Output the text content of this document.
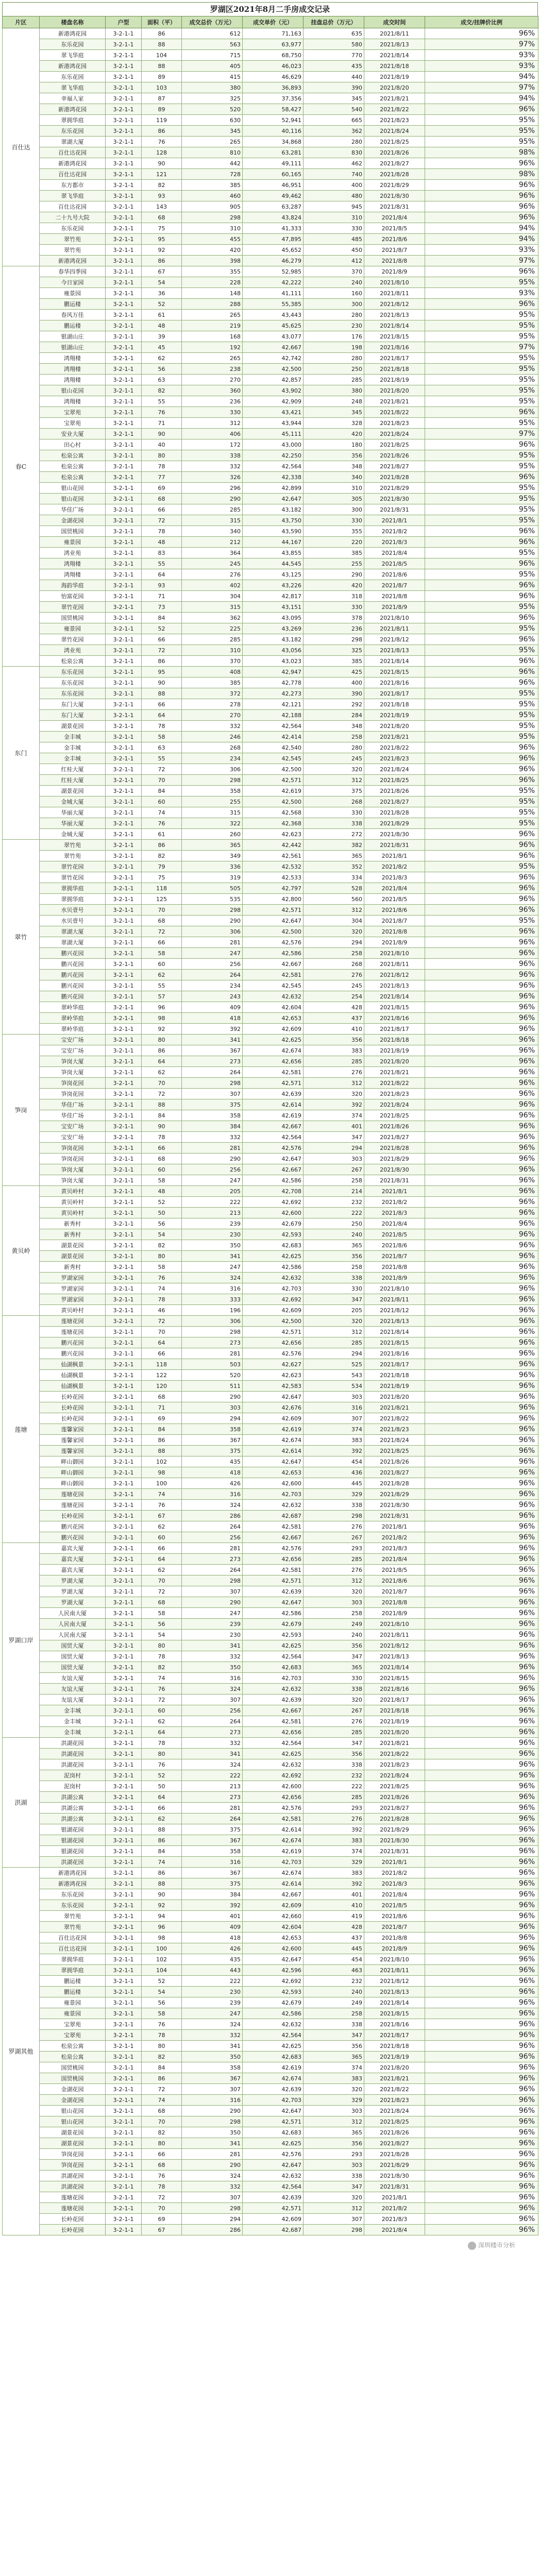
罗湖区2021年8月二手房成交记录
片区	楼盘名称	户型	面积（平）	成交总价（万元）	成交单价（元）	挂盘总价（万元）	成交时间	成交/挂牌价比例
百仕达	新港鸿花园	3-2-1-1	86	612	71,163	635	2021/8/11	96%
	东乐花园	3-2-1-1	88	563	63,977	580	2021/8/13	97%
	翠飞华庭	3-2-1-1	104	715	68,750	770	2021/8/14	93%
	新港鸿花园	3-2-1-1	88	405	46,023	435	2021/8/18	93%
	东乐花园	3-2-1-1	89	415	46,629	440	2021/8/19	94%
	翠飞华庭	3-2-1-1	103	380	36,893	390	2021/8/20	97%
	幸福人家	3-2-1-1	87	325	37,356	345	2021/8/21	94%
	新港鸿花园	3-2-1-1	89	520	58,427	540	2021/8/22	96%
	翠拥华庭	3-2-1-1	119	630	52,941	665	2021/8/23	95%
	东乐花园	3-2-1-1	86	345	40,116	362	2021/8/24	95%
	翠湖大厦	3-2-1-1	76	265	34,868	280	2021/8/25	95%
	百仕达花园	3-2-1-1	128	810	63,281	830	2021/8/26	98%
	新港鸿花园	3-2-1-1	90	442	49,111	462	2021/8/27	96%
	百仕达花园	3-2-1-1	121	728	60,165	740	2021/8/28	98%
	东方都市	3-2-1-1	82	385	46,951	400	2021/8/29	96%
	翠飞华庭	3-2-1-1	93	460	49,462	480	2021/8/30	96%
	百仕达花园	3-2-1-1	143	905	63,287	945	2021/8/31	96%
	二十九号大院	3-2-1-1	68	298	43,824	310	2021/8/4	96%
	东乐花园	3-2-1-1	75	310	41,333	330	2021/8/5	94%
	翠竹苑	3-2-1-1	95	455	47,895	485	2021/8/6	94%
	翠竹苑	3-2-1-1	92	420	45,652	450	2021/8/7	93%
	新港鸿花园	3-2-1-1	86	398	46,279	412	2021/8/8	97%
春C	春华四季园	3-2-1-1	67	355	52,985	370	2021/8/9	96%
	今日家园	3-2-1-1	54	228	42,222	240	2021/8/10	95%
	雍景园	3-2-1-1	36	148	41,111	160	2021/8/11	93%
	鹏运楼	3-2-1-1	52	288	55,385	300	2021/8/12	96%
	春风万佳	3-2-1-1	61	265	43,443	280	2021/8/13	95%
	鹏运楼	3-2-1-1	48	219	45,625	230	2021/8/14	95%
	银湖山庄	3-2-1-1	39	168	43,077	176	2021/8/15	95%
	银湖山庄	3-2-1-1	45	192	42,667	198	2021/8/16	97%
	鸿翔楼	3-2-1-1	62	265	42,742	280	2021/8/17	95%
	鸿翔楼	3-2-1-1	56	238	42,500	250	2021/8/18	95%
	鸿翔楼	3-2-1-1	63	270	42,857	285	2021/8/19	95%
	银山花园	3-2-1-1	82	360	43,902	380	2021/8/20	95%
	鸿翔楼	3-2-1-1	55	236	42,909	248	2021/8/21	95%
	宝翠苑	3-2-1-1	76	330	43,421	345	2021/8/22	96%
	宝翠苑	3-2-1-1	71	312	43,944	328	2021/8/23	95%
	安业大厦	3-2-1-1	90	406	45,111	420	2021/8/24	97%
	田心村	3-2-1-1	40	172	43,000	180	2021/8/25	96%
	松泉公寓	3-2-1-1	80	338	42,250	356	2021/8/26	95%
	松泉公寓	3-2-1-1	78	332	42,564	348	2021/8/27	95%
	松泉公寓	3-2-1-1	77	326	42,338	340	2021/8/28	96%
	银山花园	3-2-1-1	69	296	42,899	310	2021/8/29	95%
	银山花园	3-2-1-1	68	290	42,647	305	2021/8/30	95%
	华佳广场	3-2-1-1	66	285	43,182	300	2021/8/31	95%
	金湖花园	3-2-1-1	72	315	43,750	330	2021/8/1	95%
	国贸桃园	3-2-1-1	78	340	43,590	355	2021/8/2	96%
	雍景园	3-2-1-1	48	212	44,167	220	2021/8/3	96%
	鸿业苑	3-2-1-1	83	364	43,855	385	2021/8/4	95%
	鸿翔楼	3-2-1-1	55	245	44,545	255	2021/8/5	96%
	鸿翔楼	3-2-1-1	64	276	43,125	290	2021/8/6	95%
	海韵华庭	3-2-1-1	93	402	43,226	420	2021/8/7	96%
	怡富花园	3-2-1-1	71	304	42,817	318	2021/8/8	96%
	翠竹花园	3-2-1-1	73	315	43,151	330	2021/8/9	95%
	国贸桃园	3-2-1-1	84	362	43,095	378	2021/8/10	96%
	雍景园	3-2-1-1	52	225	43,269	236	2021/8/11	95%
	翠竹花园	3-2-1-1	66	285	43,182	298	2021/8/12	96%
	鸿业苑	3-2-1-1	72	310	43,056	325	2021/8/13	95%
	松泉公寓	3-2-1-1	86	370	43,023	385	2021/8/14	96%
东门	东乐花园	3-2-1-1	95	408	42,947	425	2021/8/15	96%
	东乐花园	3-2-1-1	90	385	42,778	400	2021/8/16	96%
	东乐花园	3-2-1-1	88	372	42,273	390	2021/8/17	95%
	东门大厦	3-2-1-1	66	278	42,121	292	2021/8/18	95%
	东门大厦	3-2-1-1	64	270	42,188	284	2021/8/19	95%
	湖景花园	3-2-1-1	78	332	42,564	348	2021/8/20	95%
	金丰城	3-2-1-1	58	246	42,414	258	2021/8/21	95%
	金丰城	3-2-1-1	63	268	42,540	280	2021/8/22	96%
	金丰城	3-2-1-1	55	234	42,545	245	2021/8/23	96%
	红桂大厦	3-2-1-1	72	306	42,500	320	2021/8/24	96%
	红桂大厦	3-2-1-1	70	298	42,571	312	2021/8/25	96%
	湖景花园	3-2-1-1	84	358	42,619	375	2021/8/26	95%
	金城大厦	3-2-1-1	60	255	42,500	268	2021/8/27	95%
	华丽大厦	3-2-1-1	74	315	42,568	330	2021/8/28	95%
	华丽大厦	3-2-1-1	76	322	42,368	338	2021/8/29	95%
	金城大厦	3-2-1-1	61	260	42,623	272	2021/8/30	96%
翠竹	翠竹苑	3-2-1-1	86	365	42,442	382	2021/8/31	96%
	翠竹苑	3-2-1-1	82	349	42,561	365	2021/8/1	96%
	翠竹花园	3-2-1-1	79	336	42,532	352	2021/8/2	95%
	翠竹花园	3-2-1-1	75	319	42,533	334	2021/8/3	96%
	翠拥华庭	3-2-1-1	118	505	42,797	528	2021/8/4	96%
	翠拥华庭	3-2-1-1	125	535	42,800	560	2021/8/5	96%
	水贝壹号	3-2-1-1	70	298	42,571	312	2021/8/6	96%
	水贝壹号	3-2-1-1	68	290	42,647	304	2021/8/7	95%
	翠湖大厦	3-2-1-1	72	306	42,500	320	2021/8/8	96%
	翠湖大厦	3-2-1-1	66	281	42,576	294	2021/8/9	96%
	鹏兴花园	3-2-1-1	58	247	42,586	258	2021/8/10	96%
	鹏兴花园	3-2-1-1	60	256	42,667	268	2021/8/11	96%
	鹏兴花园	3-2-1-1	62	264	42,581	276	2021/8/12	96%
	鹏兴花园	3-2-1-1	55	234	42,545	245	2021/8/13	96%
	鹏兴花园	3-2-1-1	57	243	42,632	254	2021/8/14	96%
	翠岭华庭	3-2-1-1	96	409	42,604	428	2021/8/15	96%
	翠岭华庭	3-2-1-1	98	418	42,653	437	2021/8/16	96%
	翠岭华庭	3-2-1-1	92	392	42,609	410	2021/8/17	96%
笋岗	宝安广场	3-2-1-1	80	341	42,625	356	2021/8/18	96%
	宝安广场	3-2-1-1	86	367	42,674	383	2021/8/19	96%
	笋岗大厦	3-2-1-1	64	273	42,656	285	2021/8/20	96%
	笋岗大厦	3-2-1-1	62	264	42,581	276	2021/8/21	96%
	笋岗花园	3-2-1-1	70	298	42,571	312	2021/8/22	96%
	笋岗花园	3-2-1-1	72	307	42,639	320	2021/8/23	96%
	华佳广场	3-2-1-1	88	375	42,614	392	2021/8/24	96%
	华佳广场	3-2-1-1	84	358	42,619	374	2021/8/25	96%
	宝安广场	3-2-1-1	90	384	42,667	401	2021/8/26	96%
	宝安广场	3-2-1-1	78	332	42,564	347	2021/8/27	96%
	笋岗花园	3-2-1-1	66	281	42,576	294	2021/8/28	96%
	笋岗花园	3-2-1-1	68	290	42,647	303	2021/8/29	96%
	笋岗大厦	3-2-1-1	60	256	42,667	267	2021/8/30	96%
	笋岗大厦	3-2-1-1	58	247	42,586	258	2021/8/31	96%
黄贝岭	黄贝岭村	3-2-1-1	48	205	42,708	214	2021/8/1	96%
	黄贝岭村	3-2-1-1	52	222	42,692	232	2021/8/2	96%
	黄贝岭村	3-2-1-1	50	213	42,600	222	2021/8/3	96%
	新秀村	3-2-1-1	56	239	42,679	250	2021/8/4	96%
	新秀村	3-2-1-1	54	230	42,593	240	2021/8/5	96%
	湖景花园	3-2-1-1	82	350	42,683	365	2021/8/6	96%
	湖景花园	3-2-1-1	80	341	42,625	356	2021/8/7	96%
	新秀村	3-2-1-1	58	247	42,586	258	2021/8/8	96%
	罗湖家园	3-2-1-1	76	324	42,632	338	2021/8/9	96%
	罗湖家园	3-2-1-1	74	316	42,703	330	2021/8/10	96%
	罗湖家园	3-2-1-1	78	333	42,692	347	2021/8/11	96%
	黄贝岭村	3-2-1-1	46	196	42,609	205	2021/8/12	96%
莲塘	莲塘花园	3-2-1-1	72	306	42,500	320	2021/8/13	96%
	莲塘花园	3-2-1-1	70	298	42,571	312	2021/8/14	96%
	鹏兴花园	3-2-1-1	64	273	42,656	285	2021/8/15	96%
	鹏兴花园	3-2-1-1	66	281	42,576	294	2021/8/16	96%
	仙湖枫景	3-2-1-1	118	503	42,627	525	2021/8/17	96%
	仙湖枫景	3-2-1-1	122	520	42,623	543	2021/8/18	96%
	仙湖枫景	3-2-1-1	120	511	42,583	534	2021/8/19	96%
	长岭花园	3-2-1-1	68	290	42,647	303	2021/8/20	96%
	长岭花园	3-2-1-1	71	303	42,676	316	2021/8/21	96%
	长岭花园	3-2-1-1	69	294	42,609	307	2021/8/22	96%
	莲馨家园	3-2-1-1	84	358	42,619	374	2021/8/23	96%
	莲馨家园	3-2-1-1	86	367	42,674	383	2021/8/24	96%
	莲馨家园	3-2-1-1	88	375	42,614	392	2021/8/25	96%
	畔山御园	3-2-1-1	102	435	42,647	454	2021/8/26	96%
	畔山御园	3-2-1-1	98	418	42,653	436	2021/8/27	96%
	畔山御园	3-2-1-1	100	426	42,600	445	2021/8/28	96%
	莲塘花园	3-2-1-1	74	316	42,703	329	2021/8/29	96%
	莲塘花园	3-2-1-1	76	324	42,632	338	2021/8/30	96%
	长岭花园	3-2-1-1	67	286	42,687	298	2021/8/31	96%
	鹏兴花园	3-2-1-1	62	264	42,581	276	2021/8/1	96%
	鹏兴花园	3-2-1-1	60	256	42,667	267	2021/8/2	96%
罗湖口岸	嘉宾大厦	3-2-1-1	66	281	42,576	293	2021/8/3	96%
	嘉宾大厦	3-2-1-1	64	273	42,656	285	2021/8/4	96%
	嘉宾大厦	3-2-1-1	62	264	42,581	276	2021/8/5	96%
	罗湖大厦	3-2-1-1	70	298	42,571	312	2021/8/6	96%
	罗湖大厦	3-2-1-1	72	307	42,639	320	2021/8/7	96%
	罗湖大厦	3-2-1-1	68	290	42,647	303	2021/8/8	96%
	人民南大厦	3-2-1-1	58	247	42,586	258	2021/8/9	96%
	人民南大厦	3-2-1-1	56	239	42,679	249	2021/8/10	96%
	人民南大厦	3-2-1-1	54	230	42,593	240	2021/8/11	96%
	国贸大厦	3-2-1-1	80	341	42,625	356	2021/8/12	96%
	国贸大厦	3-2-1-1	78	332	42,564	347	2021/8/13	96%
	国贸大厦	3-2-1-1	82	350	42,683	365	2021/8/14	96%
	友谊大厦	3-2-1-1	74	316	42,703	330	2021/8/15	96%
	友谊大厦	3-2-1-1	76	324	42,632	338	2021/8/16	96%
	友谊大厦	3-2-1-1	72	307	42,639	320	2021/8/17	96%
	金丰城	3-2-1-1	60	256	42,667	267	2021/8/18	96%
	金丰城	3-2-1-1	62	264	42,581	276	2021/8/19	96%
	金丰城	3-2-1-1	64	273	42,656	285	2021/8/20	96%
洪湖	洪湖花园	3-2-1-1	78	332	42,564	347	2021/8/21	96%
	洪湖花园	3-2-1-1	80	341	42,625	356	2021/8/22	96%
	洪湖花园	3-2-1-1	76	324	42,632	338	2021/8/23	96%
	泥岗村	3-2-1-1	52	222	42,692	232	2021/8/24	96%
	泥岗村	3-2-1-1	50	213	42,600	222	2021/8/25	96%
	洪湖公寓	3-2-1-1	64	273	42,656	285	2021/8/26	96%
	洪湖公寓	3-2-1-1	66	281	42,576	293	2021/8/27	96%
	洪湖公寓	3-2-1-1	62	264	42,581	276	2021/8/28	96%
	银湖花园	3-2-1-1	88	375	42,614	392	2021/8/29	96%
	银湖花园	3-2-1-1	86	367	42,674	383	2021/8/30	96%
	银湖花园	3-2-1-1	84	358	42,619	374	2021/8/31	96%
	洪湖花园	3-2-1-1	74	316	42,703	329	2021/8/1	96%
罗湖其他	新港鸿花园	3-2-1-1	86	367	42,674	383	2021/8/2	96%
	新港鸿花园	3-2-1-1	88	375	42,614	392	2021/8/3	96%
	东乐花园	3-2-1-1	90	384	42,667	401	2021/8/4	96%
	东乐花园	3-2-1-1	92	392	42,609	410	2021/8/5	96%
	翠竹苑	3-2-1-1	94	401	42,660	419	2021/8/6	96%
	翠竹苑	3-2-1-1	96	409	42,604	428	2021/8/7	96%
	百仕达花园	3-2-1-1	98	418	42,653	437	2021/8/8	96%
	百仕达花园	3-2-1-1	100	426	42,600	445	2021/8/9	96%
	翠拥华庭	3-2-1-1	102	435	42,647	454	2021/8/10	96%
	翠拥华庭	3-2-1-1	104	443	42,596	463	2021/8/11	96%
	鹏运楼	3-2-1-1	52	222	42,692	232	2021/8/12	96%
	鹏运楼	3-2-1-1	54	230	42,593	240	2021/8/13	96%
	雍景园	3-2-1-1	56	239	42,679	249	2021/8/14	96%
	雍景园	3-2-1-1	58	247	42,586	258	2021/8/15	96%
	宝翠苑	3-2-1-1	76	324	42,632	338	2021/8/16	96%
	宝翠苑	3-2-1-1	78	332	42,564	347	2021/8/17	96%
	松泉公寓	3-2-1-1	80	341	42,625	356	2021/8/18	96%
	松泉公寓	3-2-1-1	82	350	42,683	365	2021/8/19	96%
	国贸桃园	3-2-1-1	84	358	42,619	374	2021/8/20	96%
	国贸桃园	3-2-1-1	86	367	42,674	383	2021/8/21	96%
	金湖花园	3-2-1-1	72	307	42,639	320	2021/8/22	96%
	金湖花园	3-2-1-1	74	316	42,703	329	2021/8/23	96%
	银山花园	3-2-1-1	68	290	42,647	303	2021/8/24	96%
	银山花园	3-2-1-1	70	298	42,571	312	2021/8/25	96%
	湖景花园	3-2-1-1	82	350	42,683	365	2021/8/26	96%
	湖景花园	3-2-1-1	80	341	42,625	356	2021/8/27	96%
	笋岗花园	3-2-1-1	66	281	42,576	293	2021/8/28	96%
	笋岗花园	3-2-1-1	68	290	42,647	303	2021/8/29	96%
	洪湖花园	3-2-1-1	76	324	42,632	338	2021/8/30	96%
	洪湖花园	3-2-1-1	78	332	42,564	347	2021/8/31	96%
	莲塘花园	3-2-1-1	72	307	42,639	320	2021/8/1	96%
	莲塘花园	3-2-1-1	70	298	42,571	312	2021/8/2	96%
	长岭花园	3-2-1-1	69	294	42,609	307	2021/8/3	96%
	长岭花园	3-2-1-1	67	286	42,687	298	2021/8/4	96%
深圳楼市分析
